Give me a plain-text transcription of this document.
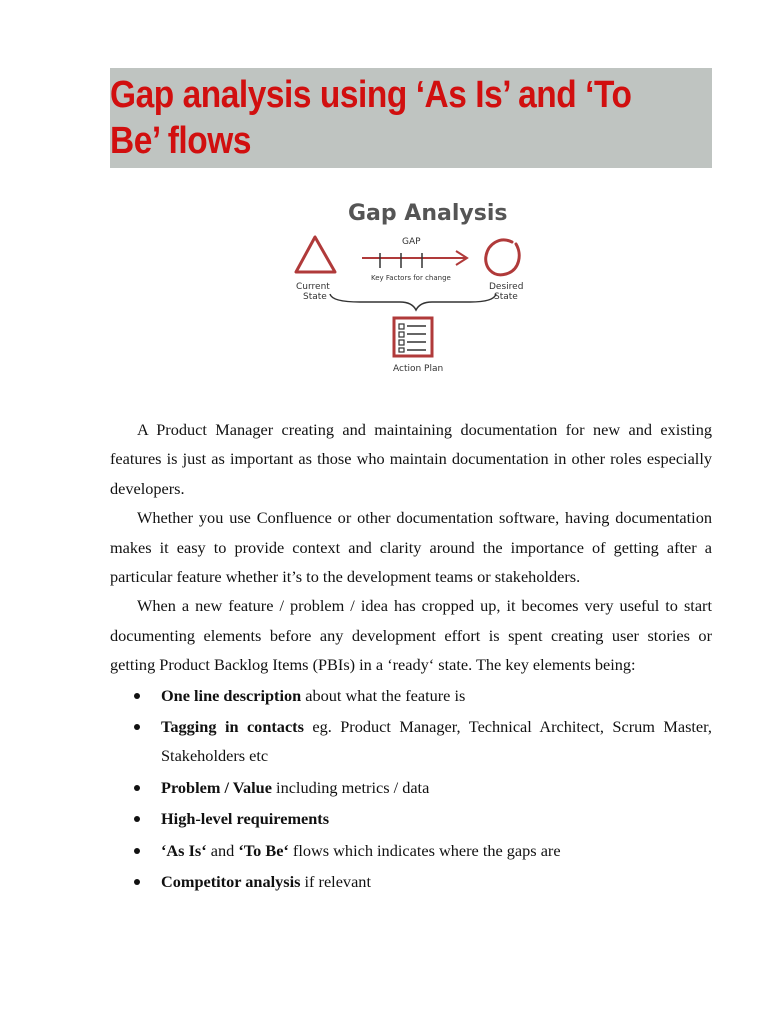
Gap analysis using ‘As Is’ and ‘To
Be’ flows
Gap Analysis
Current
State
GAP
Key Factors for change
Desired
State
Action Plan

A Product Manager creating and maintaining documentation for new and existing features is just as important as those who maintain documentation in other roles especially developers.

Whether you use Confluence or other documentation software, having documentation makes it easy to provide context and clarity around the importance of getting after a particular feature whether it’s to the development teams or stakeholders.

When a new feature / problem / idea has cropped up, it becomes very useful to start documenting elements before any development effort is spent creating user stories or getting Product Backlog Items (PBIs) in a ‘ready‘ state. The key elements being:

One line description about what the feature is
Tagging in contacts eg. Product Manager, Technical Architect, Scrum Master, Stakeholders etc
Problem / Value including metrics / data
High-level requirements
‘As Is‘ and ‘To Be‘ flows which indicates where the gaps are
Competitor analysis if relevant
